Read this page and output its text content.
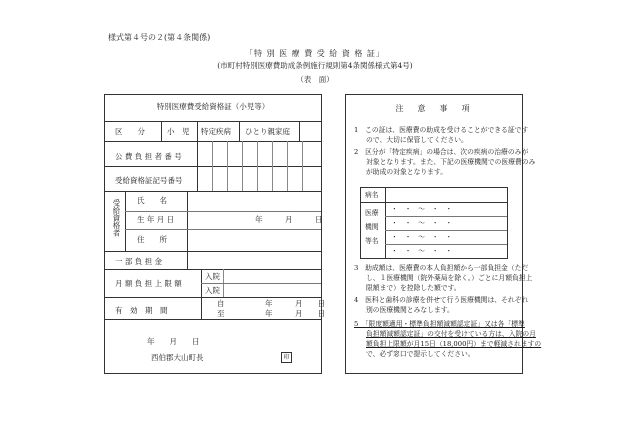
様式第４号の２(第４条関係)
「特 別 医 療 費 受 給 資 格 証」
(市町村特別医療費助成条例施行規則第4条関係様式第4号)
（表　面）
特別医療費受給資格証（小児等）
区　　分	小　児 特定疾病 ひとり親家庭
公 費 負 担 者 番 号
受給資格証記号番号
受給資格者 氏　　名
生 年 月 日	年　　　月　　　日
住　　所
一 部 負 担 金
月 額 負 担 上 限 額
入院
入院
有　効　期　間
自	年　　　月　　日
至	年　　　月　　日
年　　月　　日
西伯郡大山町長	印
注　意　事　項
1　この証は、医療費の助成を受けることができる証です
ので、大切に保管してください。
2　区分が「特定疾病」の場合は、次の疾病の治療のみが
対象となります。また、下記の医療機関での医療費のみ
が助成の対象となります。
病名
・　・　～　・　・
医療
・　・　～　・　・
機関
・　・　～　・　・
等名
・　・　～　・　・
3　助成額は、医療費の本人負担額から一部負担金（ただ
し、１医療機関（院外薬局を除く。）ごとに月額負担上
限額まで）を控除した額です。
4　医科と歯科の診療を併せて行う医療機関は、それぞれ
別の医療機関とみなします。
5　「限度額適用・標準負担額減額認定証」又は各「標準
負担額減額認定証」の交付を受けている方は、入院の月
額負担上限額が月15日（18,000円）まで軽減されますの
で、必ず窓口で提示してください。
